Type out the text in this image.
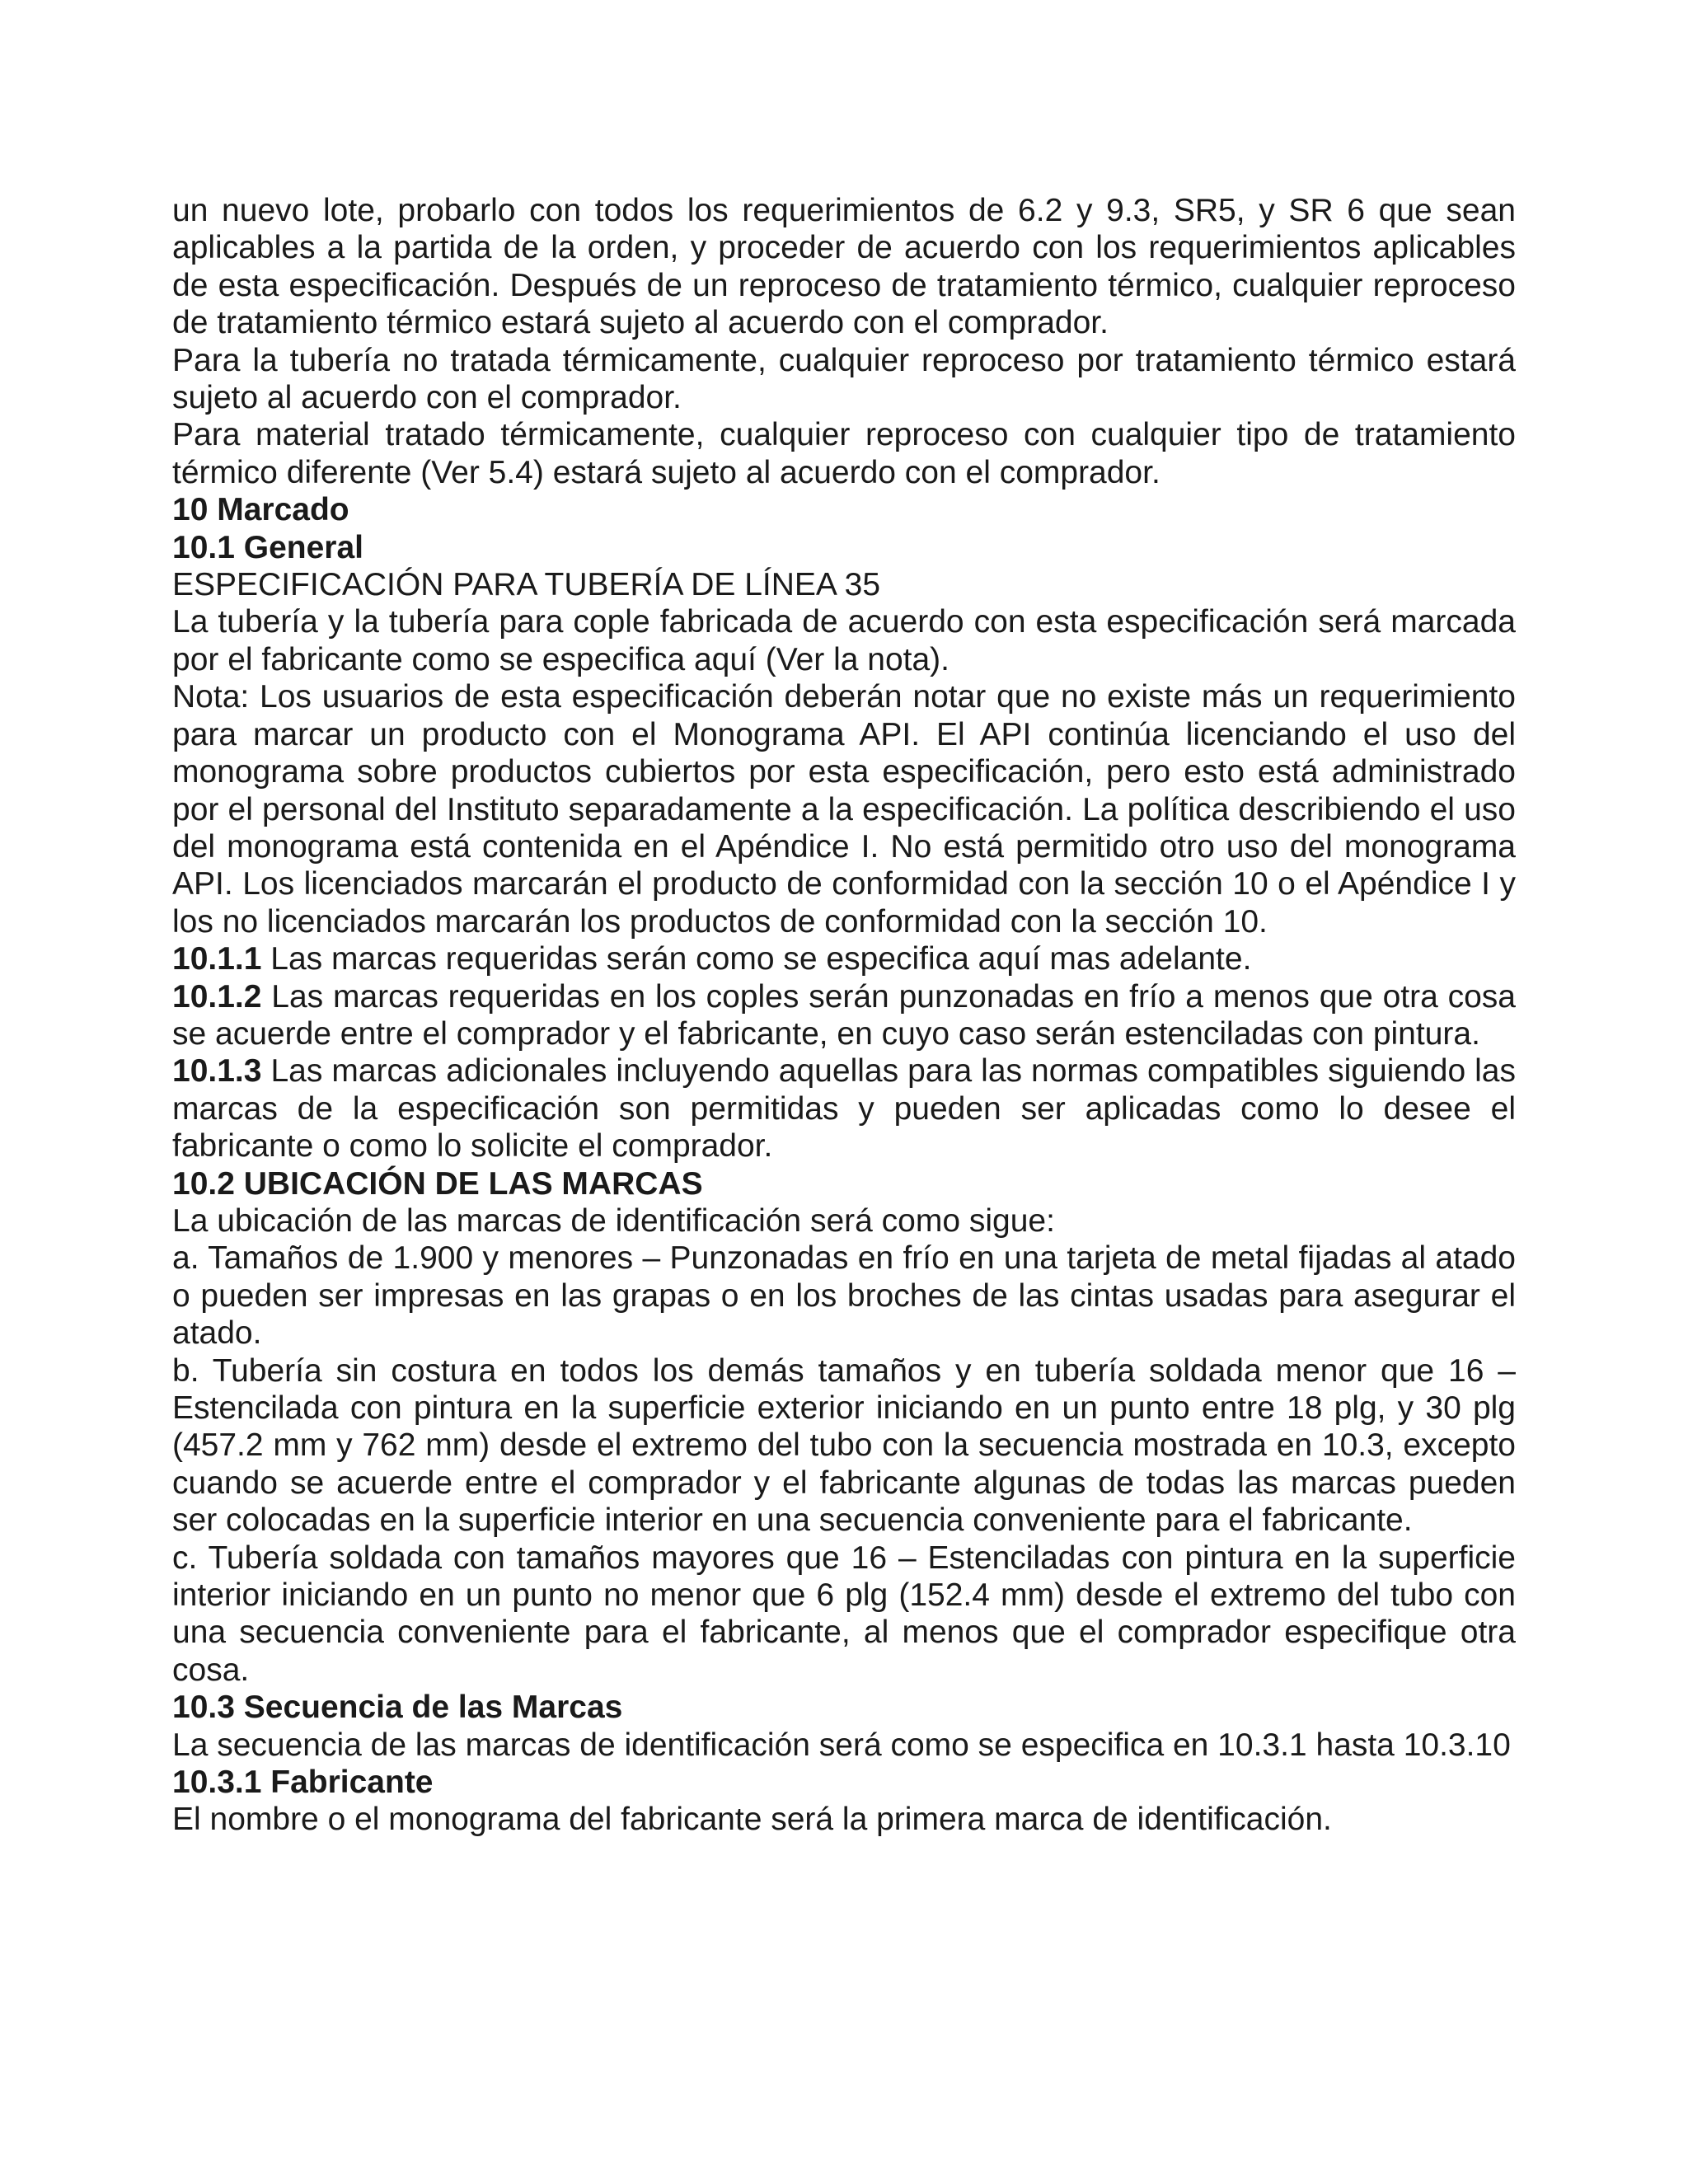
un nuevo lote, probarlo con todos los requerimientos de 6.2 y 9.3, SR5, y SR 6 que sean aplicables a la partida de la orden, y proceder de acuerdo con los requerimientos aplicables de esta especificación. Después de un reproceso de tratamiento térmico, cualquier reproceso de tratamiento térmico estará sujeto al acuerdo con el comprador.

Para la tubería no tratada térmicamente, cualquier reproceso por tratamiento térmico estará sujeto al acuerdo con el comprador.

Para material tratado térmicamente, cualquier reproceso con cualquier tipo de tratamiento térmico diferente (Ver 5.4) estará sujeto al acuerdo con el comprador.

10 Marcado

10.1 General

ESPECIFICACIÓN PARA TUBERÍA DE LÍNEA 35

La tubería y la tubería para cople fabricada de acuerdo con esta especificación será marcada por el fabricante como se especifica aquí (Ver la nota).

Nota: Los usuarios de esta especificación deberán notar que no existe más un requerimiento para marcar un producto con el Monograma API. El API continúa licenciando el uso del monograma sobre productos cubiertos por esta especificación, pero esto está administrado por el personal del Instituto separadamente a la especificación. La política describiendo el uso del monograma está contenida en el Apéndice I. No está permitido otro uso del monograma API. Los licenciados marcarán el producto de conformidad con la sección 10 o el Apéndice I y los no licenciados marcarán los productos de conformidad con la sección 10.

10.1.1 Las marcas requeridas serán como se especifica aquí mas adelante.

10.1.2 Las marcas requeridas en los coples serán punzonadas en frío a menos que otra cosa se acuerde entre el comprador y el fabricante, en cuyo caso serán estenciladas con pintura.

10.1.3 Las marcas adicionales incluyendo aquellas para las normas compatibles siguiendo las marcas de la especificación son permitidas y pueden ser aplicadas como lo desee el fabricante o como lo solicite el comprador.

10.2 UBICACIÓN DE LAS MARCAS

La ubicación de las marcas de identificación será como sigue:

a. Tamaños de 1.900 y menores – Punzonadas en frío en una tarjeta de metal fijadas al atado o pueden ser impresas en las grapas o en los broches de las cintas usadas para asegurar el atado.

b. Tubería sin costura en todos los demás tamaños y en tubería soldada menor que 16 – Estencilada con pintura en la superficie exterior iniciando en un punto entre 18 plg, y 30 plg (457.2 mm y 762 mm) desde el extremo del tubo con la secuencia mostrada en 10.3, excepto cuando se acuerde entre el comprador y el fabricante algunas de todas las marcas pueden ser colocadas en la superficie interior en una secuencia conveniente para el fabricante.

c. Tubería soldada con tamaños mayores que 16 – Estenciladas con pintura en la superficie interior iniciando en un punto no menor que 6 plg (152.4 mm) desde el extremo del tubo con una secuencia conveniente para el fabricante, al menos que el comprador especifique otra cosa.

10.3 Secuencia de las Marcas

La secuencia de las marcas de identificación será como se especifica en 10.3.1 hasta 10.3.10

10.3.1 Fabricante

El nombre o el monograma del fabricante será la primera marca de identificación.
